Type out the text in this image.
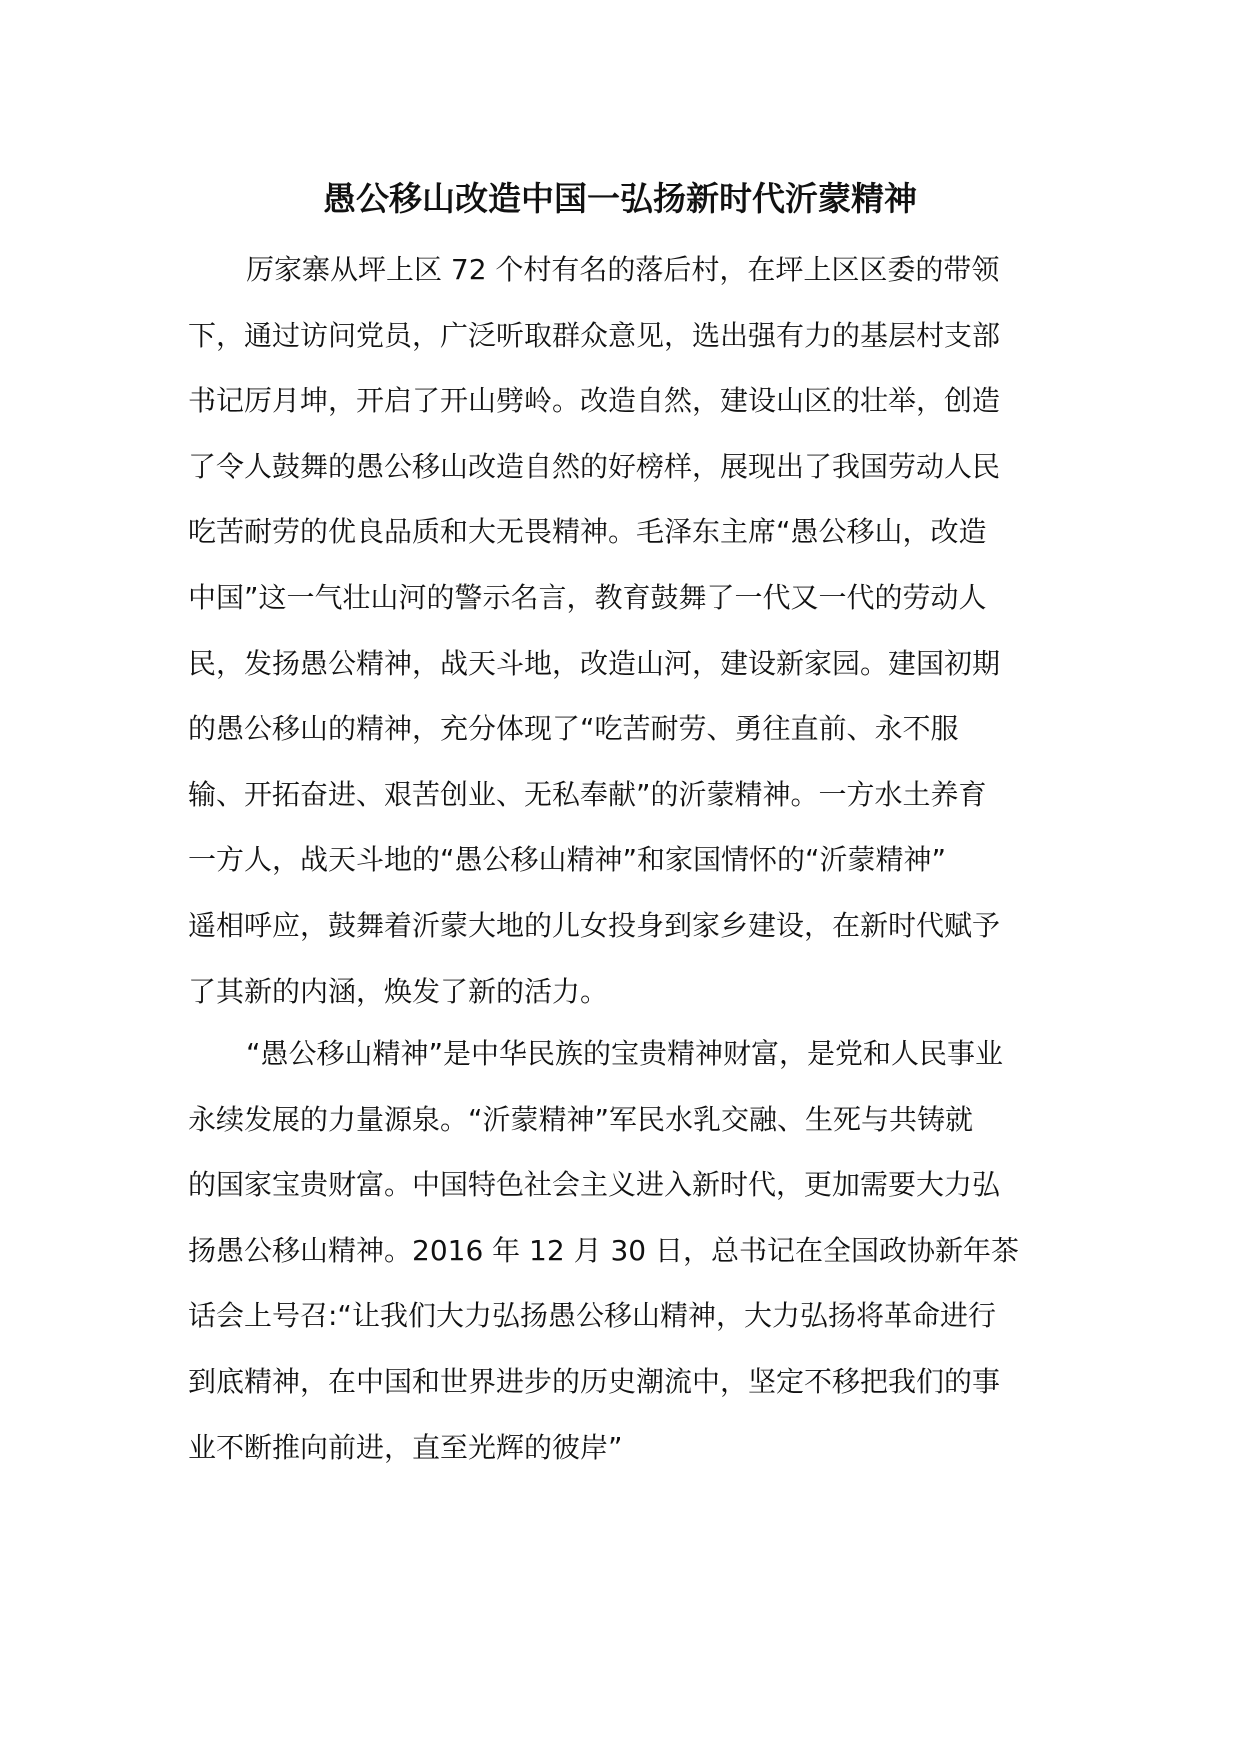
愚公移山改造中国一弘扬新时代沂蒙精神
厉家寨从坪上区 72 个村有名的落后村，在坪上区区委的带领
下，通过访问党员，广泛听取群众意见，选出强有力的基层村支部
书记厉月坤，开启了开山劈岭。改造自然，建设山区的壮举，创造
了令人鼓舞的愚公移山改造自然的好榜样，展现出了我国劳动人民
吃苦耐劳的优良品质和大无畏精神。毛泽东主席“愚公移山，改造
中国”这一气壮山河的警示名言，教育鼓舞了一代又一代的劳动人
民，发扬愚公精神，战天斗地，改造山河，建设新家园。建国初期
的愚公移山的精神，充分体现了“吃苦耐劳、勇往直前、永不服
输、开拓奋进、艰苦创业、无私奉献”的沂蒙精神。一方水土养育
一方人，战天斗地的“愚公移山精神”和家国情怀的“沂蒙精神”
遥相呼应，鼓舞着沂蒙大地的儿女投身到家乡建设，在新时代赋予
了其新的内涵，焕发了新的活力。
“愚公移山精神”是中华民族的宝贵精神财富，是党和人民事业
永续发展的力量源泉。“沂蒙精神”军民水乳交融、生死与共铸就
的国家宝贵财富。中国特色社会主义进入新时代，更加需要大力弘
扬愚公移山精神。2016 年 12 月 30 日，总书记在全国政协新年茶
话会上号召:“让我们大力弘扬愚公移山精神，大力弘扬将革命进行
到底精神，在中国和世界进步的历史潮流中，坚定不移把我们的事
业不断推向前进，直至光辉的彼岸”
